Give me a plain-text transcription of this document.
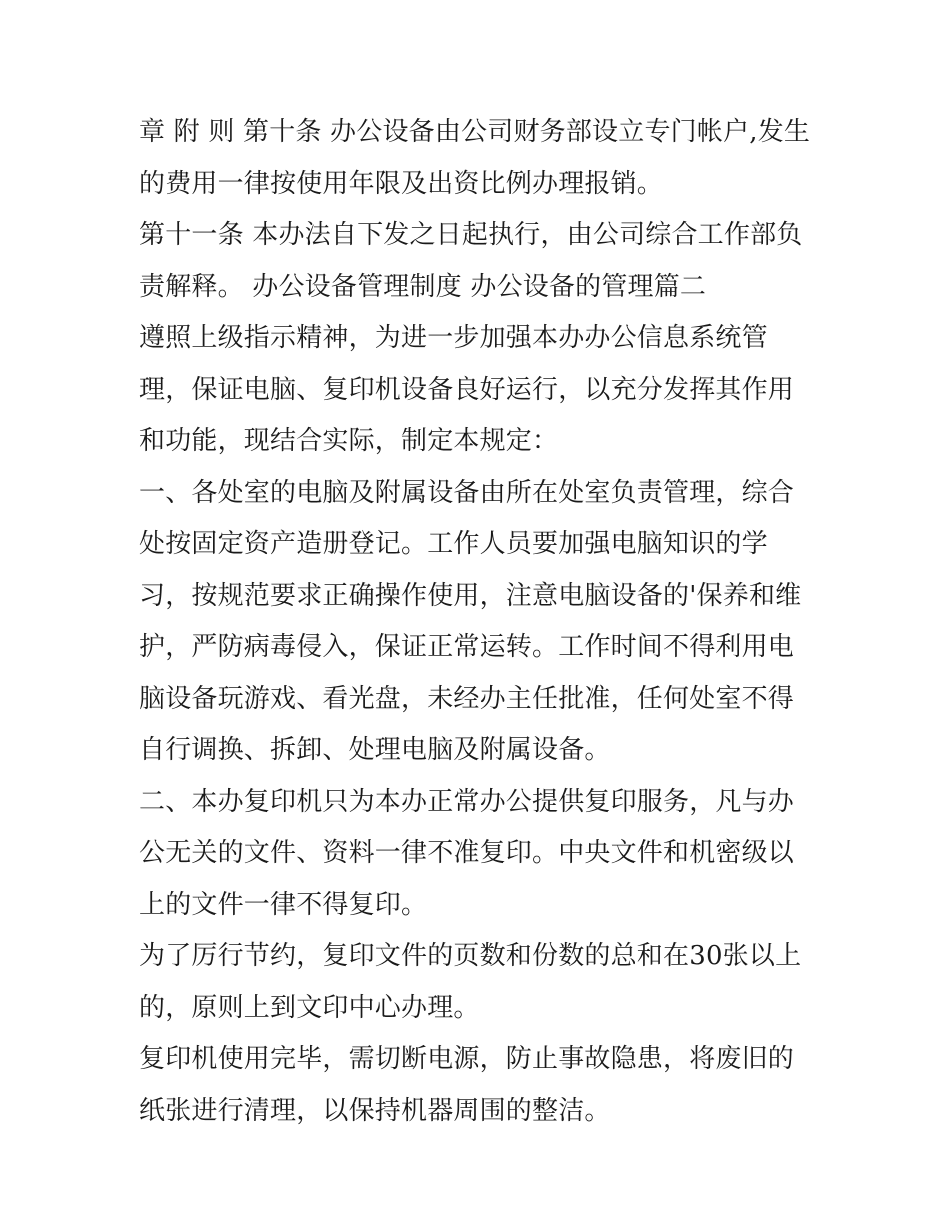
章 附 则 第十条 办公设备由公司财务部设立专门帐户,发生的费用一律按使用年限及出资比例办理报销。

第十一条 本办法自下发之日起执行，由公司综合工作部负责解释。 办公设备管理制度 办公设备的管理篇二

遵照上级指示精神，为进一步加强本办办公信息系统管理，保证电脑、复印机设备良好运行，以充分发挥其作用和功能，现结合实际，制定本规定：

一、各处室的电脑及附属设备由所在处室负责管理，综合处按固定资产造册登记。工作人员要加强电脑知识的学习，按规范要求正确操作使用，注意电脑设备的'保养和维护，严防病毒侵入，保证正常运转。工作时间不得利用电脑设备玩游戏、看光盘，未经办主任批准，任何处室不得自行调换、拆卸、处理电脑及附属设备。

二、本办复印机只为本办正常办公提供复印服务，凡与办公无关的文件、资料一律不准复印。中央文件和机密级以上的文件一律不得复印。

为了厉行节约，复印文件的页数和份数的总和在30张以上的，原则上到文印中心办理。

复印机使用完毕，需切断电源，防止事故隐患，将废旧的纸张进行清理，以保持机器周围的整洁。
